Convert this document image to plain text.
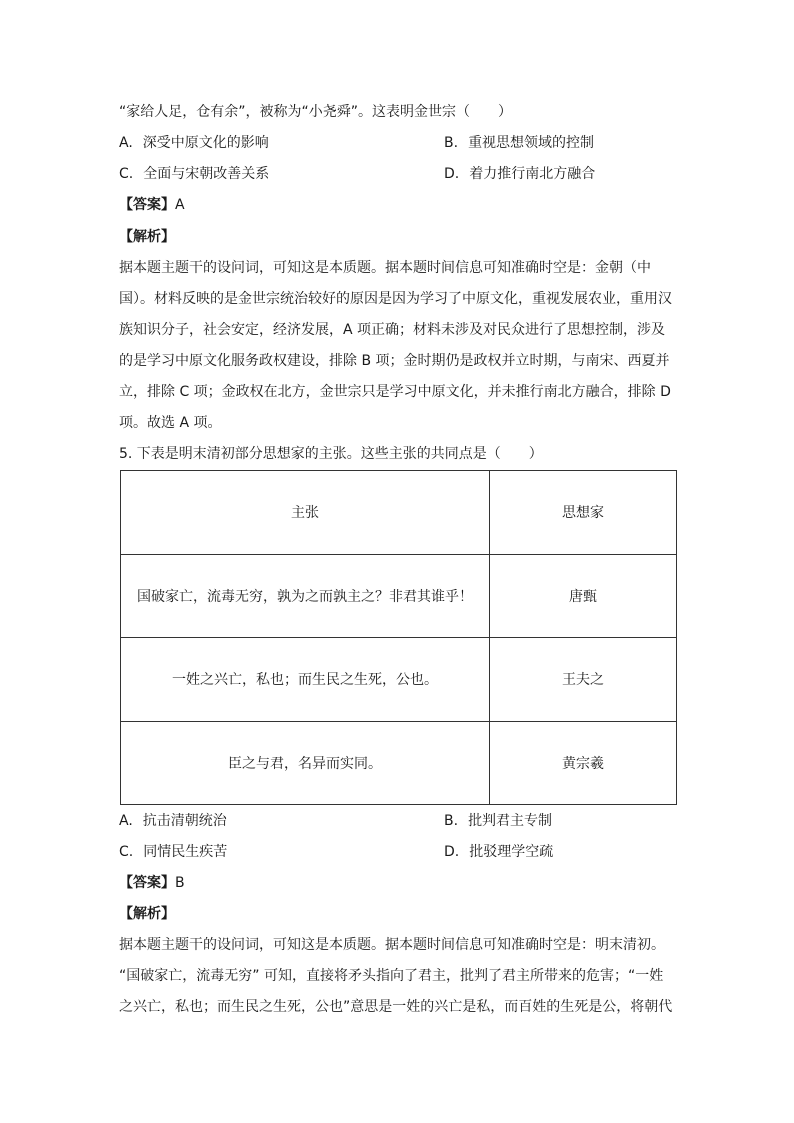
“家给人足，仓有余”，被称为“小尧舜”。这表明金世宗（　　）
A. 深受中原文化的影响	B. 重视思想领域的控制
C. 全面与宋朝改善关系	D. 着力推行南北方融合
【答案】A
【解析】
据本题主题干的设问词，可知这是本质题。据本题时间信息可知准确时空是：金朝（中
国）。材料反映的是金世宗统治较好的原因是因为学习了中原文化，重视发展农业，重用汉
族知识分子，社会安定，经济发展，A 项正确；材料未涉及对民众进行了思想控制，涉及
的是学习中原文化服务政权建设，排除 B 项；金时期仍是政权并立时期，与南宋、西夏并
立，排除 C 项；金政权在北方，金世宗只是学习中原文化，并未推行南北方融合，排除 D
项。故选 A 项。
5. 下表是明末清初部分思想家的主张。这些主张的共同点是（　　）
主张	思想家
国破家亡，流毒无穷，孰为之而孰主之？非君其谁乎！	唐甄
一姓之兴亡，私也；而生民之生死，公也。	王夫之
臣之与君，名异而实同。	黄宗羲
A. 抗击清朝统治	B. 批判君主专制
C. 同情民生疾苦	D. 批驳理学空疏
【答案】B
【解析】
据本题主题干的设问词，可知这是本质题。据本题时间信息可知准确时空是：明末清初。
“国破家亡，流毒无穷” 可知，直接将矛头指向了君主，批判了君主所带来的危害；“一姓
之兴亡，私也；而生民之生死，公也”意思是一姓的兴亡是私，而百姓的生死是公，将朝代
